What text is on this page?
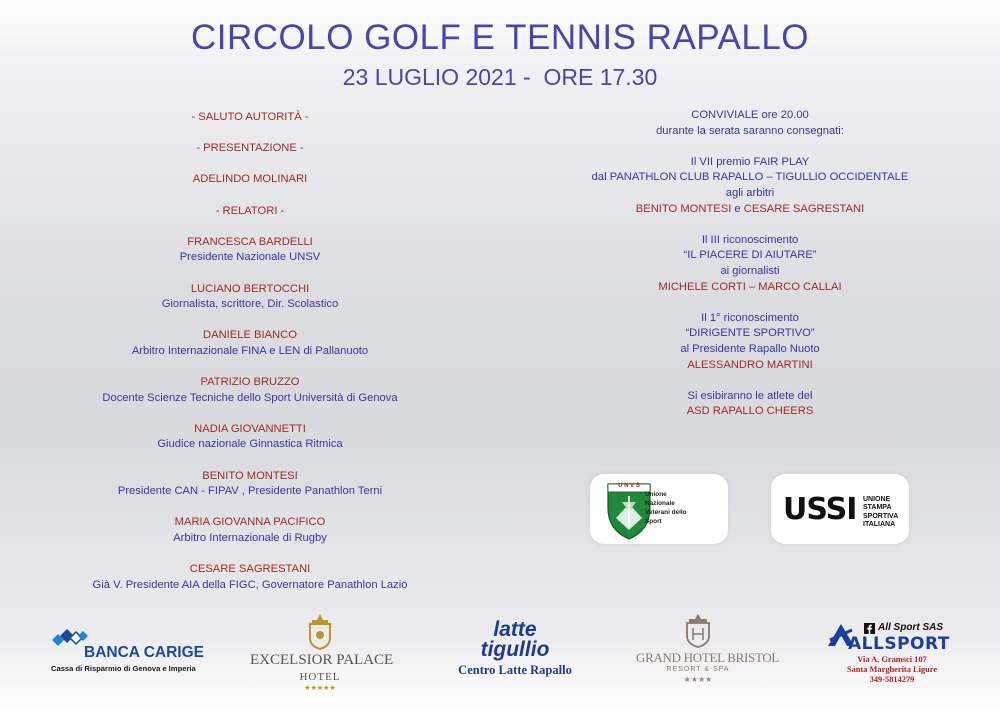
CIRCOLO GOLF E TENNIS RAPALLO
23 LUGLIO 2021 -  ORE 17.30
- SALUTO AUTORITÀ -
- PRESENTAZIONE -
ADELINDO MOLINARI
- RELATORI -
FRANCESCA BARDELLI
Presidente Nazionale UNSV
LUCIANO BERTOCCHI
Giornalista, scrittore, Dir. Scolastico
DANIELE BIANCO
Arbitro Internazionale FINA e LEN di Pallanuoto
PATRIZIO BRUZZO
Docente Scienze Tecniche dello Sport Università di Genova
NADIA GIOVANNETTI
Giudice nazionale Ginnastica Ritmica
BENITO MONTESI
Presidente CAN - FIPAV , Presidente Panathlon Terni
MARIA GIOVANNA PACIFICO
Arbitro Internazionale di Rugby
CESARE SAGRESTANI
Già V. Presidente AIA della FIGC, Governatore Panathlon Lazio
CONVIVIALE ore 20.00
durante la serata saranno consegnati:
Il VII premio FAIR PLAY
dal PANATHLON CLUB RAPALLO – TIGULLIO OCCIDENTALE
agli arbitri
BENITO MONTESI e CESARE SAGRESTANI
Il III riconoscimento
“IL PIACERE DI AIUTARE”
ai giornalisti
MICHELE CORTI – MARCO CALLAI
Il 1° riconoscimento
“DIRIGENTE SPORTIVO”
al Presidente Rapallo Nuoto
ALESSANDRO MARTINI
Si esibiranno le atlete del
ASD RAPALLO CHEERS
U N V S
Unione
Nazionale
Veterani dello
Sport	USSI UNIONE
STAMPA
SPORTIVA
ITALIANA
BANCA CARIGE
Cassa di Risparmio di Genova e Imperia
EXCELSIOR PALACE
HOTEL
★★★★★
latte
tigullio
Centro Latte Rapallo
GRAND HOTEL BRISTOL
RESORT & SPA
★★★★
All Sport SAS
ALLSPORT
Via A. Gramsci 107
Santa Margherita Ligure
349-5814279
